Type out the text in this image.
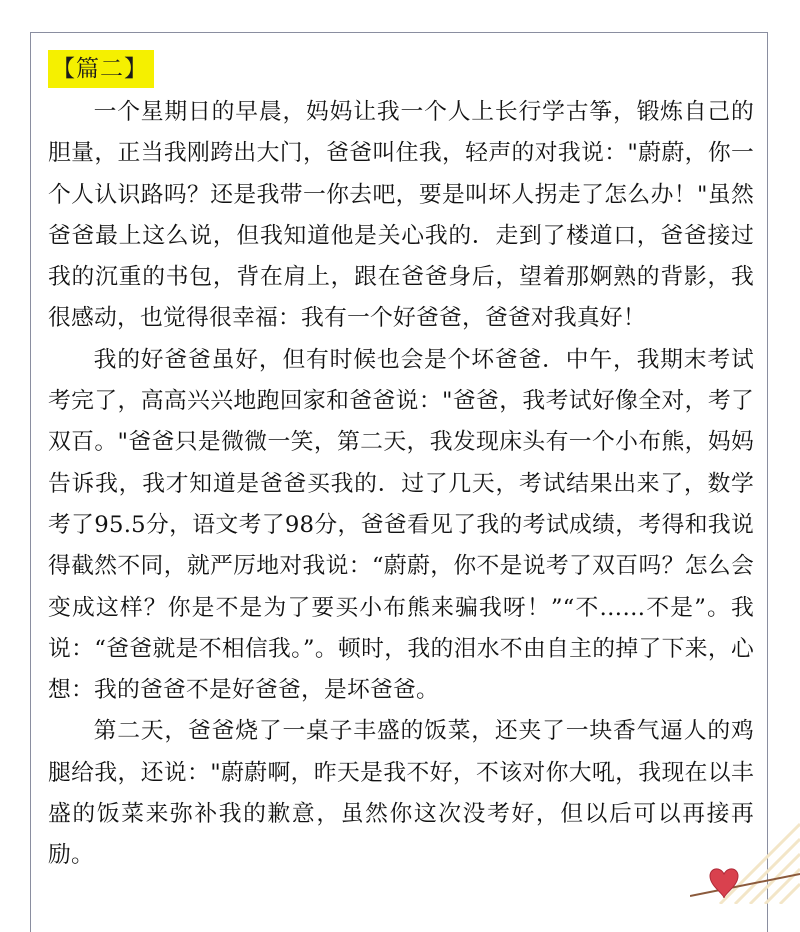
【篇二】

一个星期日的早晨，妈妈让我一个人上长行学古筝，锻炼自己的胆量，正当我刚跨出大门，爸爸叫住我，轻声的对我说："蔚蔚，你一个人认识路吗？还是我带一你去吧，要是叫坏人拐走了怎么办！"虽然爸爸最上这么说，但我知道他是关心我的．走到了楼道口，爸爸接过我的沉重的书包，背在肩上，跟在爸爸身后，望着那婀熟的背影，我很感动，也觉得很幸福：我有一个好爸爸，爸爸对我真好！

我的好爸爸虽好，但有时候也会是个坏爸爸．中午，我期末考试考完了，高高兴兴地跑回家和爸爸说："爸爸，我考试好像全对，考了双百。"爸爸只是微微一笑，第二天，我发现床头有一个小布熊，妈妈告诉我，我才知道是爸爸买我的．过了几天，考试结果出来了，数学考了95.5分，语文考了98分，爸爸看见了我的考试成绩，考得和我说得截然不同，就严厉地对我说：“蔚蔚，你不是说考了双百吗？怎么会变成这样？你是不是为了要买小布熊来骗我呀！”“不……不是”。我说：“爸爸就是不相信我。”。顿时，我的泪水不由自主的掉了下来，心想：我的爸爸不是好爸爸，是坏爸爸。

第二天，爸爸烧了一桌子丰盛的饭菜，还夹了一块香气逼人的鸡腿给我，还说："蔚蔚啊，昨天是我不好，不该对你大吼，我现在以丰盛的饭菜来弥补我的歉意，虽然你这次没考好，但以后可以再接再励。
